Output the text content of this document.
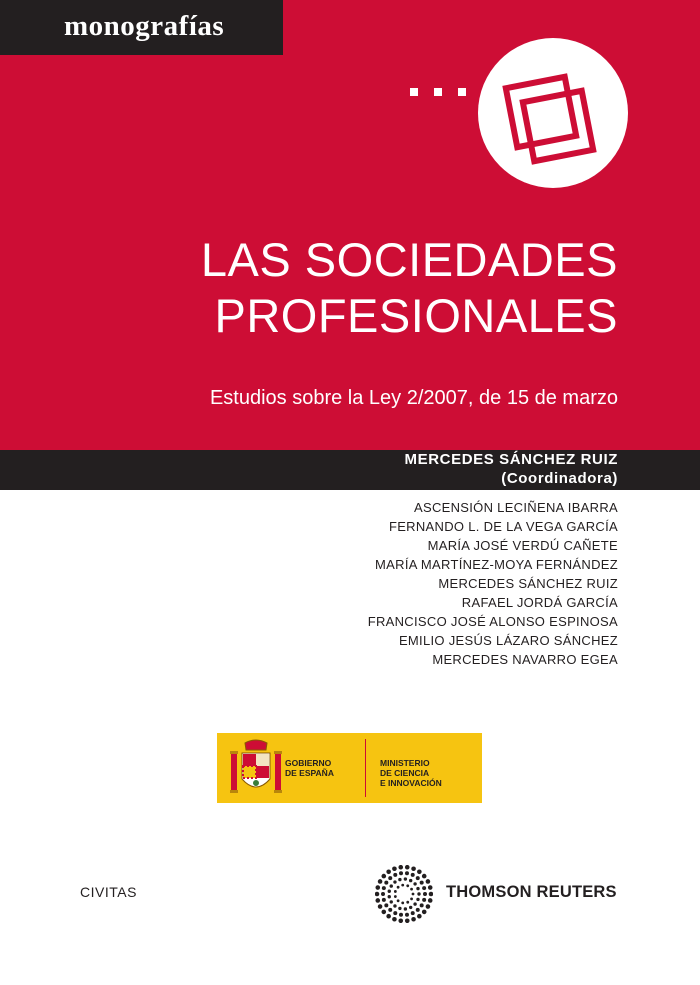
monografías
LAS SOCIEDADES
PROFESIONALES
Estudios sobre la Ley 2/2007, de 15 de marzo
MERCEDES SÁNCHEZ RUIZ
(Coordinadora)
ASCENSIÓN LECIÑENA IBARRA
FERNANDO L. DE LA VEGA GARCÍA
MARÍA JOSÉ VERDÚ CAÑETE
MARÍA MARTÍNEZ-MOYA FERNÁNDEZ
MERCEDES SÁNCHEZ RUIZ
RAFAEL JORDÁ GARCÍA
FRANCISCO JOSÉ ALONSO ESPINOSA
EMILIO JESÚS LÁZARO SÁNCHEZ
MERCEDES NAVARRO EGEA
GOBIERNO
DE ESPAÑA
MINISTERIO
DE CIENCIA
E INNOVACIÓN
CIVITAS	THOMSON REUTERS
